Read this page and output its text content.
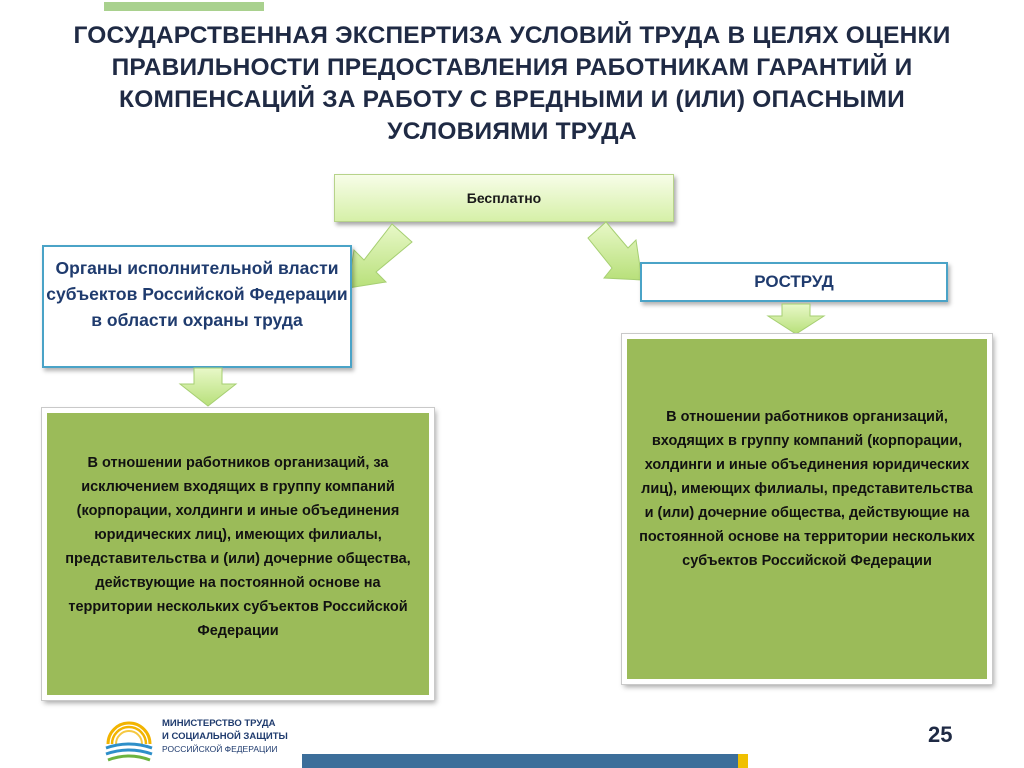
ГОСУДАРСТВЕННАЯ ЭКСПЕРТИЗА УСЛОВИЙ ТРУДА В ЦЕЛЯХ ОЦЕНКИ ПРАВИЛЬНОСТИ ПРЕДОСТАВЛЕНИЯ РАБОТНИКАМ ГАРАНТИЙ И КОМПЕНСАЦИЙ ЗА РАБОТУ С ВРЕДНЫМИ И (ИЛИ) ОПАСНЫМИ УСЛОВИЯМИ ТРУДА
Бесплатно
Органы исполнительной власти субъектов Российской Федерации в области охраны труда
РОСТРУД
В отношении работников организаций, за исключением входящих в группу компаний (корпорации, холдинги и иные объединения юридических лиц), имеющих филиалы, представительства и (или) дочерние общества, действующие на постоянной основе на территории нескольких субъектов Российской Федерации
В отношении работников организаций, входящих в группу компаний (корпорации, холдинги и иные объединения юридических лиц), имеющих филиалы, представительства и (или) дочерние общества, действующие на постоянной основе на территории нескольких субъектов Российской Федерации
МИНИСТЕРСТВО ТРУДА
И СОЦИАЛЬНОЙ ЗАЩИТЫ
РОССИЙСКОЙ ФЕДЕРАЦИИ
25
